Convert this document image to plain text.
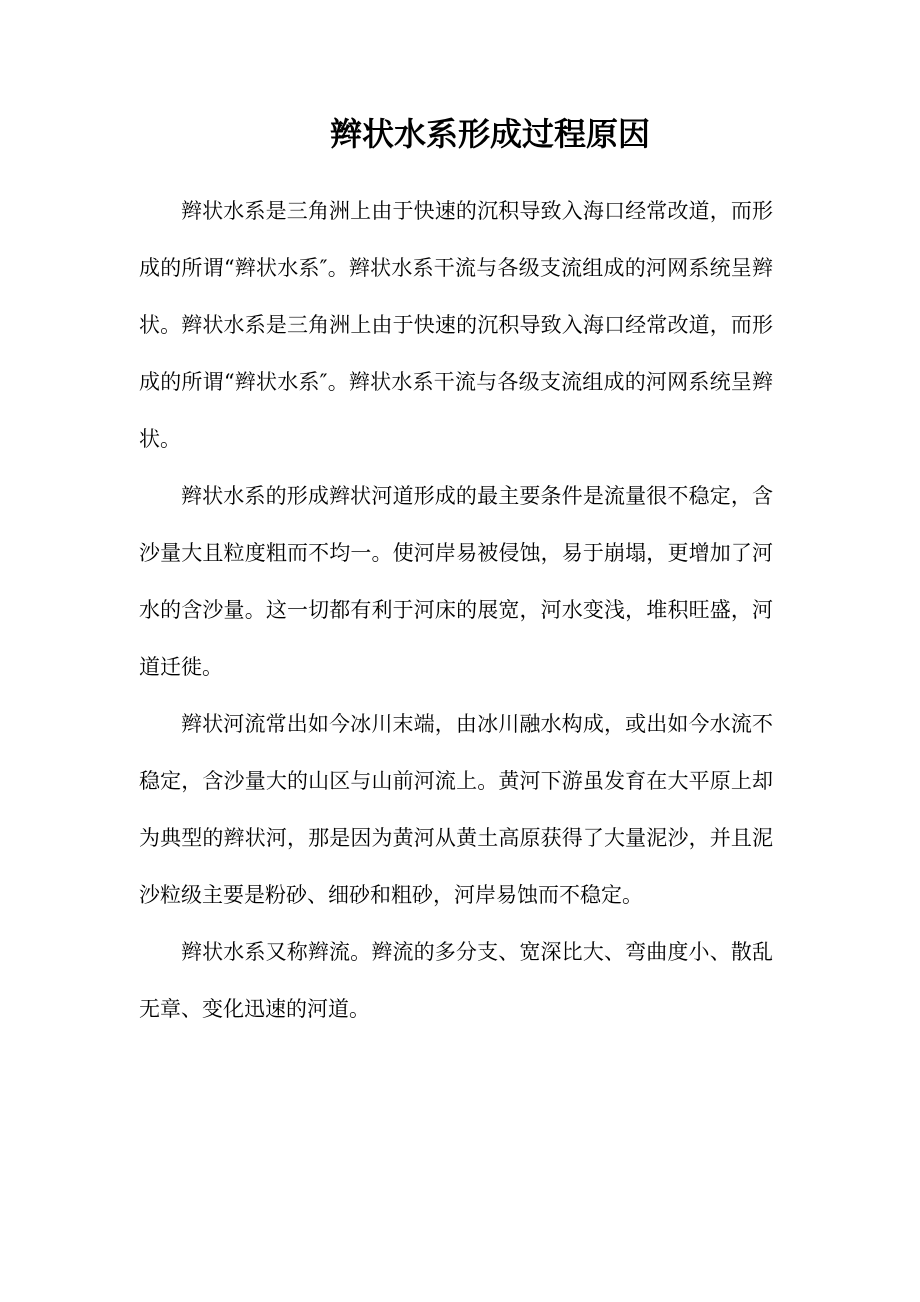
辫状水系形成过程原因

辫状水系是三角洲上由于快速的沉积导致入海口经常改道，而形成的所谓“辫状水系″。辫状水系干流与各级支流组成的河网系统呈辫状。辫状水系是三角洲上由于快速的沉积导致入海口经常改道，而形成的所谓“辫状水系″。辫状水系干流与各级支流组成的河网系统呈辫状。

辫状水系的形成辫状河道形成的最主要条件是流量很不稳定，含沙量大且粒度粗而不均一。使河岸易被侵蚀，易于崩塌，更增加了河水的含沙量。这一切都有利于河床的展宽，河水变浅，堆积旺盛，河道迁徙。

辫状河流常出如今冰川末端，由冰川融水构成，或出如今水流不稳定，含沙量大的山区与山前河流上。黄河下游虽发育在大平原上却为典型的辫状河，那是因为黄河从黄土高原获得了大量泥沙，并且泥沙粒级主要是粉砂、细砂和粗砂，河岸易蚀而不稳定。

辫状水系又称辫流。辫流的多分支、宽深比大、弯曲度小、散乱无章、变化迅速的河道。
